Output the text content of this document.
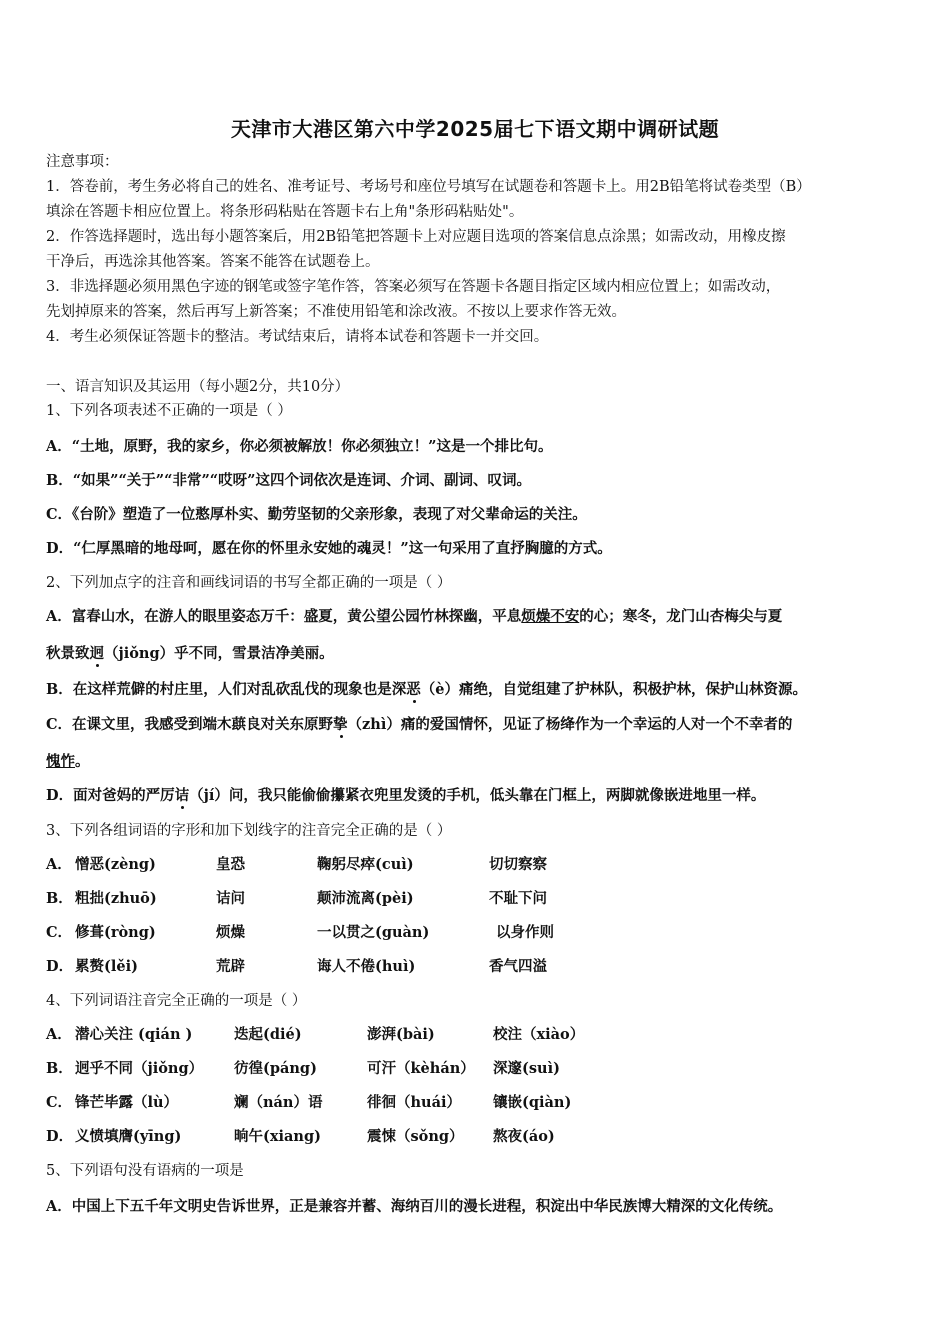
天津市大港区第六中学2025届七下语文期中调研试题
注意事项：
1．答卷前，考生务必将自己的姓名、准考证号、考场号和座位号填写在试题卷和答题卡上。用2B铅笔将试卷类型（B）
填涂在答题卡相应位置上。将条形码粘贴在答题卡右上角"条形码粘贴处"。
2．作答选择题时，选出每小题答案后，用2B铅笔把答题卡上对应题目选项的答案信息点涂黑；如需改动，用橡皮擦
干净后，再选涂其他答案。答案不能答在试题卷上。
3．非选择题必须用黑色字迹的钢笔或签字笔作答，答案必须写在答题卡各题目指定区域内相应位置上；如需改动，
先划掉原来的答案，然后再写上新答案；不准使用铅笔和涂改液。不按以上要求作答无效。
4．考生必须保证答题卡的整洁。考试结束后，请将本试卷和答题卡一并交回。
一、语言知识及其运用（每小题2分，共10分）
1、下列各项表述不正确的一项是（ ）
A．“土地，原野，我的家乡，你必须被解放！你必须独立！”这是一个排比句。
B．“如果”“关于”“非常”“哎呀”这四个词依次是连词、介词、副词、叹词。
C．《台阶》塑造了一位憨厚朴实、勤劳坚韧的父亲形象，表现了对父辈命运的关注。
D．“仁厚黑暗的地母呵，愿在你的怀里永安她的魂灵！”这一句采用了直抒胸臆的方式。
2、下列加点字的注音和画线词语的书写全都正确的一项是（ ）
A．富春山水，在游人的眼里姿态万千：盛夏，黄公望公园竹林探幽，平息烦燥不安的心；寒冬，龙门山杏梅尖与夏
秋景致迥（jiǒng）乎不同，雪景洁净美丽。
B．在这样荒僻的村庄里，人们对乱砍乱伐的现象也是深恶（è）痛绝，自觉组建了护林队，积极护林，保护山林资源。
C．在课文里，我感受到端木蕻良对关东原野挚（zhì）痛的爱国情怀，见证了杨绛作为一个幸运的人对一个不幸者的
愧怍。
D．面对爸妈的严厉诘（jí）问，我只能偷偷攥紧衣兜里发烫的手机，低头靠在门框上，两脚就像嵌进地里一样。
3、下列各组词语的字形和加下划线字的注音完全正确的是（ ）
A． 憎恶(zèng)	皇恐	鞠躬尽瘁(cuì)	切切察察
B． 粗拙(zhuō)	诘问	颠沛流离(pèi)	不耻下问
C． 修葺(ròng)	烦燥	一以贯之(guàn)	以身作则
D． 累赘(lěi)	荒辟	诲人不倦(huì)	香气四溢
4、下列词语注音完全正确的一项是（ ）
A． 潜心关注 (qián )	迭起(dié)	澎湃(bài)	校注（xiào）
B． 迥乎不同（jiǒng） 彷徨(páng)	可汗（kèhán） 深邃(suì)
C． 锋芒毕露（lù）	斓（nán）语	徘徊（huái） 镶嵌(qiàn)
D． 义愤填膺(yīng)	晌午(xiang)	震悚（sǒng） 熬夜(áo)
5、下列语句没有语病的一项是
A．中国上下五千年文明史告诉世界，正是兼容并蓄、海纳百川的漫长进程，积淀出中华民族博大精深的文化传统。
